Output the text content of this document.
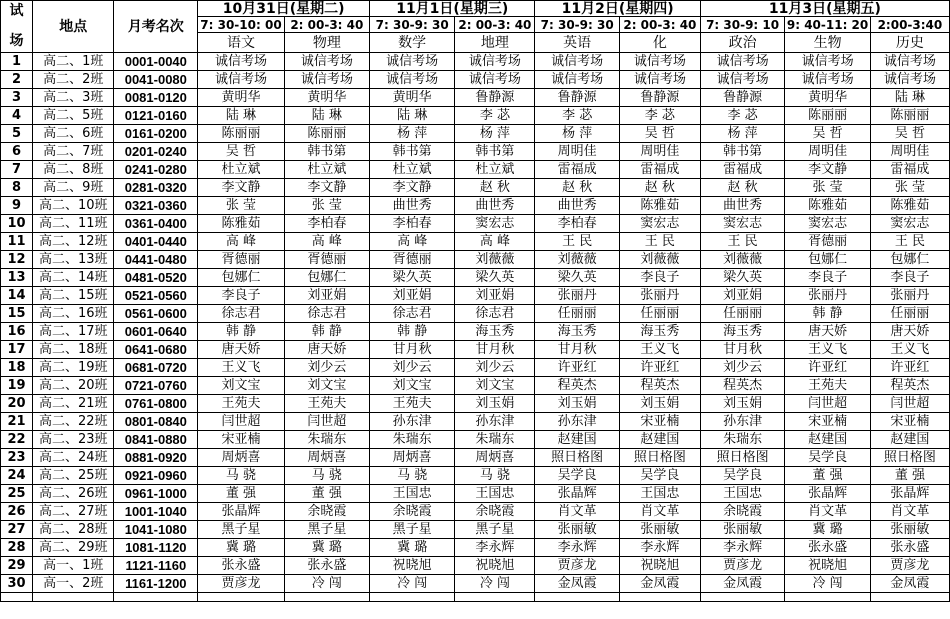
试

场	地点	月考名次	10月31日(星期二)		11月1日(星期三)		11月2日(星期四)		11月3日(星期五)		
			7: 30-10: 00	2: 00-3: 40	7: 30-9: 30	2: 00-3: 40	7: 30-9: 30	2: 00-3: 40	7: 30-9: 10	9: 40-11: 20	2:00-3:40
			语文	物理	数学	地理	英语	化	政治	生物	历史
1	高二、1班	0001-0040	诚信考场	诚信考场	诚信考场	诚信考场	诚信考场	诚信考场	诚信考场	诚信考场	诚信考场
2	高二、2班	0041-0080	诚信考场	诚信考场	诚信考场	诚信考场	诚信考场	诚信考场	诚信考场	诚信考场	诚信考场
3	高二、3班	0081-0120	黄明华	黄明华	黄明华	鲁静源	鲁静源	鲁静源	鲁静源	黄明华	陆 琳
4	高二、5班	0121-0160	陆 琳	陆 琳	陆 琳	李 苾	李 苾	李 苾	李 苾	陈丽丽	陈丽丽
5	高二、6班	0161-0200	陈丽丽	陈丽丽	杨 萍	杨 萍	杨 萍	吴 哲	杨 萍	吴 哲	吴 哲
6	高二、7班	0201-0240	吴 哲	韩书第	韩书第	韩书第	周明佳	周明佳	韩书第	周明佳	周明佳
7	高二、8班	0241-0280	杜立斌	杜立斌	杜立斌	杜立斌	雷福成	雷福成	雷福成	李文静	雷福成
8	高二、9班	0281-0320	李文静	李文静	李文静	赵 秋	赵 秋	赵 秋	赵 秋	张 莹	张 莹
9	高二、10班	0321-0360	张 莹	张 莹	曲世秀	曲世秀	曲世秀	陈雅茹	曲世秀	陈雅茹	陈雅茹
10	高二、11班	0361-0400	陈雅茹	李柏春	李柏春	窦宏志	李柏春	窦宏志	窦宏志	窦宏志	窦宏志
11	高二、12班	0401-0440	高 峰	高 峰	高 峰	高 峰	王 民	王 民	王 民	胥德丽	王 民
12	高二、13班	0441-0480	胥德丽	胥德丽	胥德丽	刘薇薇	刘薇薇	刘薇薇	刘薇薇	包娜仁	包娜仁
13	高二、14班	0481-0520	包娜仁	包娜仁	梁久英	梁久英	梁久英	李良子	梁久英	李良子	李良子
14	高二、15班	0521-0560	李良子	刘亚娟	刘亚娟	刘亚娟	张丽丹	张丽丹	刘亚娟	张丽丹	张丽丹
15	高二、16班	0561-0600	徐志君	徐志君	徐志君	徐志君	任丽丽	任丽丽	任丽丽	韩 静	任丽丽
16	高二、17班	0601-0640	韩 静	韩 静	韩 静	海玉秀	海玉秀	海玉秀	海玉秀	唐天娇	唐天娇
17	高二、18班	0641-0680	唐天娇	唐天娇	甘月秋	甘月秋	甘月秋	王义飞	甘月秋	王义飞	王义飞
18	高二、19班	0681-0720	王义飞	刘少云	刘少云	刘少云	许亚红	许亚红	刘少云	许亚红	许亚红
19	高二、20班	0721-0760	刘文宝	刘文宝	刘文宝	刘文宝	程英杰	程英杰	程英杰	王苑夫	程英杰
20	高二、21班	0761-0800	王苑夫	王苑夫	王苑夫	刘玉娟	刘玉娟	刘玉娟	刘玉娟	闫世超	闫世超
21	高二、22班	0801-0840	闫世超	闫世超	孙东津	孙东津	孙东津	宋亚楠	孙东津	宋亚楠	宋亚楠
22	高二、23班	0841-0880	宋亚楠	朱瑞东	朱瑞东	朱瑞东	赵建国	赵建国	朱瑞东	赵建国	赵建国
23	高二、24班	0881-0920	周炳喜	周炳喜	周炳喜	周炳喜	照日格图	照日格图	照日格图	吴学良	照日格图
24	高二、25班	0921-0960	马 骁	马 骁	马 骁	马 骁	吴学良	吴学良	吴学良	董 强	董 强
25	高二、26班	0961-1000	董 强	董 强	王国忠	王国忠	张晶辉	王国忠	王国忠	张晶辉	张晶辉
26	高二、27班	1001-1040	张晶辉	余晓霞	余晓霞	余晓霞	肖文革	肖文革	余晓霞	肖文革	肖文革
27	高二、28班	1041-1080	黑子星	黑子星	黑子星	黑子星	张丽敏	张丽敏	张丽敏	冀 璐	张丽敏
28	高二、29班	1081-1120	冀 璐	冀 璐	冀 璐	李永辉	李永辉	李永辉	李永辉	张永盛	张永盛
29	高一、1班	1121-1160	张永盛	张永盛	祝晓旭	祝晓旭	贾彦龙	祝晓旭	贾彦龙	祝晓旭	贾彦龙
30	高一、2班	1161-1200	贾彦龙	冷 闯	冷 闯	冷 闯	金凤霞	金凤霞	金凤霞	冷 闯	金凤霞
